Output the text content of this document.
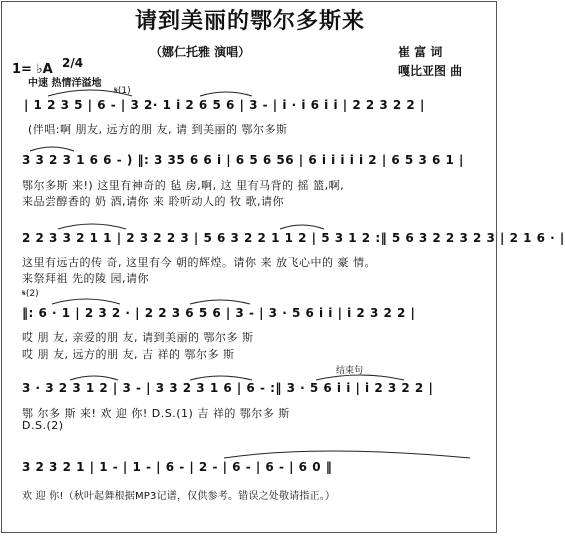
请到美丽的鄂尔多斯来
（娜仁托雅 演唱）	崔 富 词
嘎比亚图 曲
1= ♭A 2/4
中速 热情洋溢地
𝄋(1)
| 1 2 3 5 | 6 - | 3 2· 1 i 2 6 5 6 | 3 - | i · i 6 i i | 2 2 3 2 2 |
(伴唱:啊 朋友, 远方的朋 友, 请 到美丽的 鄂尔多斯
3 3 2 3 1 6 6 - ) ‖: 3 35 6 6 i | 6 5 6 56 | 6 i i i i i 2 | 6 5 3 6 1 |
鄂尔多斯 来!) 这里有神奇的 毡 房,啊, 这 里有马背的 摇 篮,啊,
来品尝醇香的 奶 酒,请你 来 聆听动人的 牧 歌,请你
2 2 3 3 2 1 1 | 2 3 2 2 3 | 5 6 3 2 2 1 1 2 | 5 3 1 2 :‖ 5 6 3 2 2 3 2 3 | 2 1 6 · |
这里有远古的传 奇, 这里有今 朝的辉煌。请你 来 放飞心中的 豪 情。
来祭拜祖 先的陵 园,请你
𝄋(2)
‖: 6 · 1 | 2 3 2 · | 2 2 3 6 5 6 | 3 - | 3 · 5 6 i i | i 2 3 2 2 |
哎 朋 友, 亲爱的朋 友, 请到美丽的 鄂尔多 斯
哎 朋 友, 远方的朋 友, 吉 祥的 鄂尔多 斯
结束句
3 · 3 2 3 1 2 | 3 - | 3 3 2 3 1 6 | 6 - :‖ 3 · 5 6 i i | i 2 3 2 2 |
鄂 尔多 斯 来! 欢 迎 你! D.S.(1) 吉 祥的 鄂尔多 斯
D.S.(2)
3 2 3 2 1 | 1 - | 1 - | 6 - | 2 - | 6 - | 6 - | 6 0 ‖
欢 迎 你!（秋叶起舞根据MP3记谱，仅供参考。错误之处敬请指正。）
